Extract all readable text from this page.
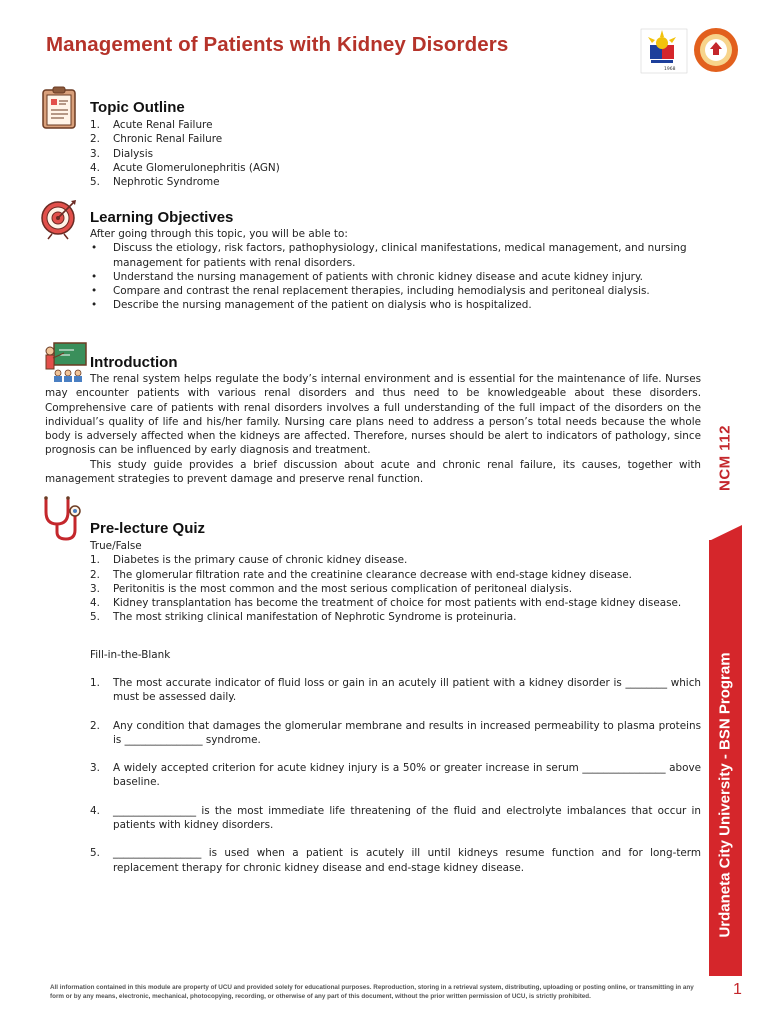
Management of Patients with Kidney Disorders
1968
Topic Outline
1. Acute Renal Failure
2. Chronic Renal Failure
3. Dialysis
4. Acute Glomerulonephritis (AGN)
5. Nephrotic Syndrome
Learning Objectives
After going through this topic, you will be able to:
• Discuss the etiology, risk factors, pathophysiology, clinical manifestations, medical management, and nursing management for patients with renal disorders.
• Understand the nursing management of patients with chronic kidney disease and acute kidney injury.
• Compare and contrast the renal replacement therapies, including hemodialysis and peritoneal dialysis.
• Describe the nursing management of the patient on dialysis who is hospitalized.
Introduction
The renal system helps regulate the body’s internal environment and is essential for the maintenance of life. Nurses may encounter patients with various renal disorders and thus need to be knowledgeable about these disorders. Comprehensive care of patients with renal disorders involves a full understanding of the full impact of the disorders on the individual’s quality of life and his/her family. Nursing care plans need to address a person’s total needs because the whole body is adversely affected when the kidneys are affected. Therefore, nurses should be alert to indicators of pathology, since prognosis can be influenced by early diagnosis and treatment.
This study guide provides a brief discussion about acute and chronic renal failure, its causes, together with management strategies to prevent damage and preserve renal function.
Pre-lecture Quiz
True/False
1. Diabetes is the primary cause of chronic kidney disease.
2. The glomerular filtration rate and the creatinine clearance decrease with end-stage kidney disease.
3. Peritonitis is the most common and the most serious complication of peritoneal dialysis.
4. Kidney transplantation has become the treatment of choice for most patients with end-stage kidney disease.
5. The most striking clinical manifestation of Nephrotic Syndrome is proteinuria.
Fill-in-the-Blank
1. The most accurate indicator of fluid loss or gain in an acutely ill patient with a kidney disorder is ________ which must be assessed daily.
2. Any condition that damages the glomerular membrane and results in increased permeability to plasma proteins is _______________ syndrome.
3. A widely accepted criterion for acute kidney injury is a 50% or greater increase in serum ________________ above baseline.
4. ________________ is the most immediate life threatening of the fluid and electrolyte imbalances that occur in patients with kidney disorders.
5. _________________ is used when a patient is acutely ill until kidneys resume function and for long-term replacement therapy for chronic kidney disease and end-stage kidney disease.
NCM 112
Urdaneta City University - BSN Program
All information contained in this module are property of UCU and provided solely for educational purposes. Reproduction, storing in a retrieval system, distributing, uploading or posting online, or transmitting in any form or by any means, electronic, mechanical, photocopying, recording, or otherwise of any part of this document, without the prior written permission of UCU, is strictly prohibited.	1
